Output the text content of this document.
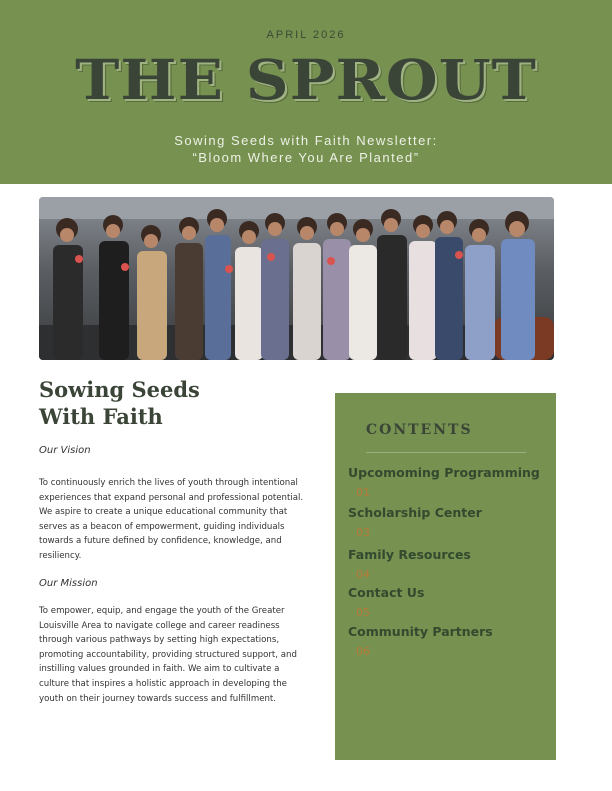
APRIL 2026
THE SPROUT
Sowing Seeds with Faith Newsletter:
“Bloom Where You Are Planted”
Sowing Seeds
With Faith
Our Vision
To continuously enrich the lives of youth through intentional experiences that expand personal and professional potential. We aspire to create a unique educational community that serves as a beacon of empowerment, guiding individuals towards a future defined by confidence, knowledge, and resiliency.
Our Mission
To empower, equip, and engage the youth of the Greater Louisville Area to navigate college and career readiness through various pathways by setting high expectations, promoting accountability, providing structured support, and instilling values grounded in faith. We aim to cultivate a culture that inspires a holistic approach in developing the youth on their journey towards success and fulfillment.
CONTENTS
Upcomoming Programming
01
Scholarship Center
03
Family Resources
04
Contact Us
05
Community Partners
06
